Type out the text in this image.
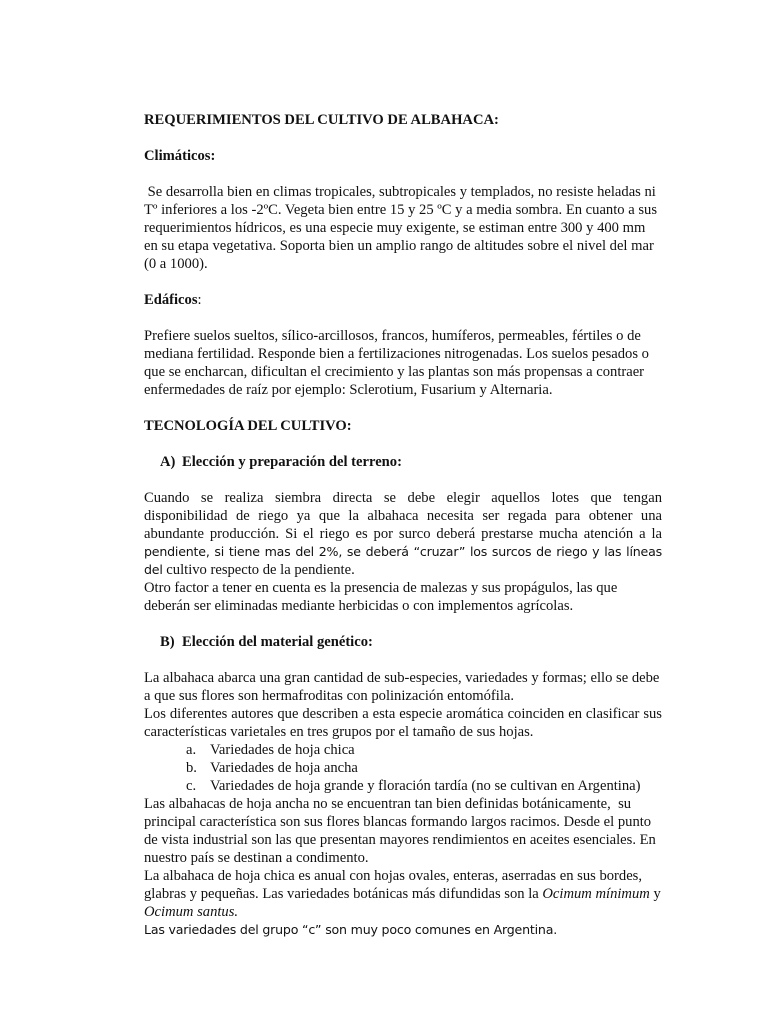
REQUERIMIENTOS DEL CULTIVO DE ALBAHACA:

Climáticos:

Se desarrolla bien en climas tropicales, subtropicales y templados, no resiste heladas ni Tº inferiores a los -2ºC. Vegeta bien entre 15 y 25 ºC y a media sombra. En cuanto a sus requerimientos hídricos, es una especie muy exigente, se estiman entre 300 y 400 mm en su etapa vegetativa. Soporta bien un amplio rango de altitudes sobre el nivel del mar (0 a 1000).

Edáficos:

Prefiere suelos sueltos, sílico-arcillosos, francos, humíferos, permeables, fértiles o de mediana fertilidad. Responde bien a fertilizaciones nitrogenadas. Los suelos pesados o que se encharcan, dificultan el crecimiento y las plantas son más propensas a contraer enfermedades de raíz por ejemplo: Sclerotium, Fusarium y Alternaria.

TECNOLOGÍA DEL CULTIVO:

A) Elección y preparación del terreno:

Cuando se realiza siembra directa se debe elegir aquellos lotes que tengan disponibilidad de riego ya que la albahaca necesita ser regada para obtener una abundante producción. Si el riego es por surco deberá prestarse mucha atención a la pendiente, si tiene mas del 2%, se deberá “cruzar” los surcos de riego y las líneas del cultivo respecto de la pendiente.

Otro factor a tener en cuenta es la presencia de malezas y sus propágulos, las que deberán ser eliminadas mediante herbicidas o con implementos agrícolas.

B) Elección del material genético:

La albahaca abarca una gran cantidad de sub-especies, variedades y formas; ello se debe a que sus flores son hermafroditas con polinización entomófila.

Los diferentes autores que describen a esta especie aromática coinciden en clasificar sus características varietales en tres grupos por el tamaño de sus hojas.

a. Variedades de hoja chica
b. Variedades de hoja ancha
c. Variedades de hoja grande y floración tardía (no se cultivan en Argentina)

Las albahacas de hoja ancha no se encuentran tan bien definidas botánicamente,  su principal característica son sus flores blancas formando largos racimos. Desde el punto de vista industrial son las que presentan mayores rendimientos en aceites esenciales. En nuestro país se destinan a condimento.

La albahaca de hoja chica es anual con hojas ovales, enteras, aserradas en sus bordes, glabras y pequeñas. Las variedades botánicas más difundidas son la Ocimum mínimum y Ocimum santus.

Las variedades del grupo “c” son muy poco comunes en Argentina.
